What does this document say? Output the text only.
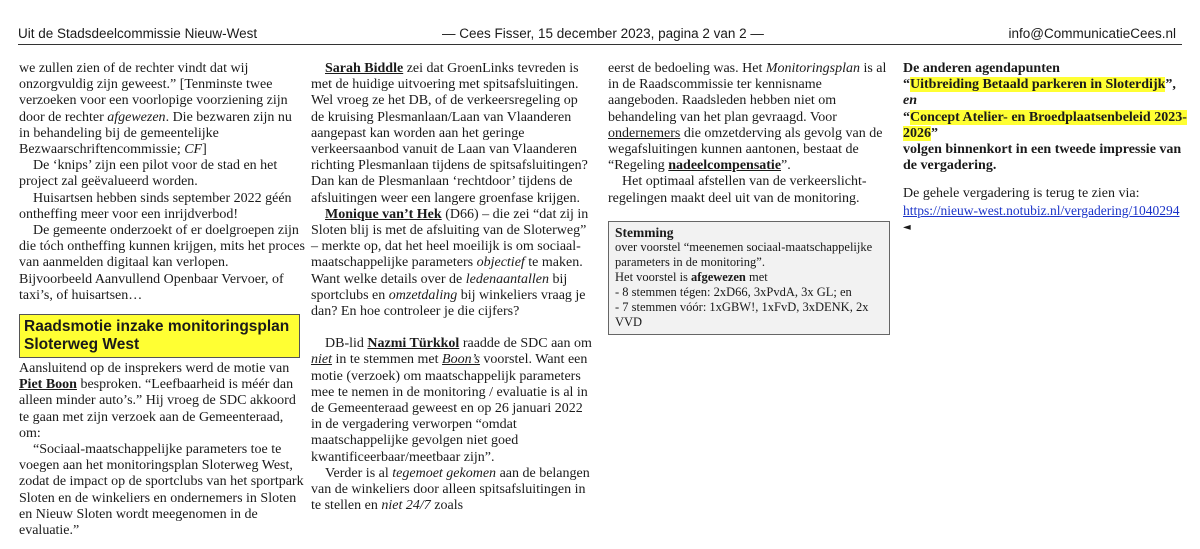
Uit de Stadsdeelcommissie Nieuw-West	— Cees Fisser, 15 december 2023, pagina 2 van 2 —	info@CommunicatieCees.nl

we zullen zien of de rechter vindt dat wij onzorgvuldig zijn geweest.” [Tenminste twee verzoeken voor een voorlopige voorziening zijn door de rechter afgewezen. Die bezwaren zijn nu in behandeling bij de gemeentelijke Bezwaarschriftencommissie; CF]

De ‘knips’ zijn een pilot voor de stad en het project zal geëvalueerd worden.

Huisartsen hebben sinds september 2022 géén ontheffing meer voor een inrijdverbod!

De gemeente onderzoekt of er doelgroepen zijn die tóch ontheffing kunnen krijgen, mits het proces van aanmelden digitaal kan verlopen. Bijvoorbeeld Aanvullend Openbaar Vervoer, of taxi’s, of huisartsen…

Raadsmotie inzake monitoringsplan Sloterweg West

Aansluitend op de insprekers werd de motie van Piet Boon besproken. “Leefbaarheid is méér dan alleen minder auto’s.” Hij vroeg de SDC akkoord te gaan met zijn verzoek aan de Gemeenteraad, om:

“Sociaal-maatschappelijke parameters toe te voegen aan het monitoringsplan Sloterweg West, zodat de impact op de sportclubs van het sportpark Sloten en de winkeliers en ondernemers in Sloten en Nieuw Sloten wordt meegenomen in de evaluatie.”

Sarah Biddle zei dat GroenLinks tevreden is met de huidige uitvoering met spitsafsluitingen. Wel vroeg ze het DB, of de verkeersregeling op de kruising Plesmanlaan/Laan van Vlaanderen aangepast kan worden aan het geringe verkeersaanbod vanuit de Laan van Vlaanderen richting Plesmanlaan tijdens de spitsafsluitingen? Dan kan de Plesmanlaan ‘rechtdoor’ tijdens de afsluitingen weer een langere groenfase krijgen.

Monique van’t Hek (D66) – die zei “dat zij in Sloten blij is met de afsluiting van de Sloterweg” – merkte op, dat het heel moeilijk is om sociaal-maatschappelijke parameters objectief te maken. Want welke details over de ledenaantallen bij sportclubs en omzetdaling bij winkeliers vraag je dan? En hoe controleer je die cijfers?

DB-lid Nazmi Türkkol raadde de SDC aan om niet in te stemmen met Boon’s voorstel. Want een motie (verzoek) om maatschappelijk parameters mee te nemen in de monitoring / evaluatie is al in de Gemeenteraad geweest en op 26 januari 2022 in de vergadering verworpen “omdat maatschappelijke gevolgen niet goed kwantificeerbaar/meetbaar zijn”.

Verder is al tegemoet gekomen aan de belangen van de winkeliers door alleen spitsafsluitingen in te stellen en niet 24/7 zoals

eerst de bedoeling was. Het Monitoringsplan is al in de Raadscommissie ter kennisname aangeboden. Raadsleden hebben niet om behandeling van het plan gevraagd. Voor ondernemers die omzetderving als gevolg van de wegafsluitingen kunnen aantonen, bestaat de “Regeling nadeelcompensatie”.

Het optimaal afstellen van de verkeerslicht-regelingen maakt deel uit van de monitoring.

Stemming

over voorstel “meenemen sociaal-maatschappelijke parameters in de monitoring”.

Het voorstel is afgewezen met

- 8 stemmen tégen: 2xD66, 3xPvdA, 3x GL; en

- 7 stemmen vóór: 1xGBW!, 1xFvD, 3xDENK, 2x VVD

De anderen agendapunten

“Uitbreiding Betaald parkeren in Sloterdijk”,

en

“Concept Atelier- en Broedplaatsenbeleid 2023-2026”

volgen binnenkort in een tweede impressie van de vergadering.

De gehele vergadering is terug te zien via:

https://nieuw-west.notubiz.nl/vergadering/1040294
◄
